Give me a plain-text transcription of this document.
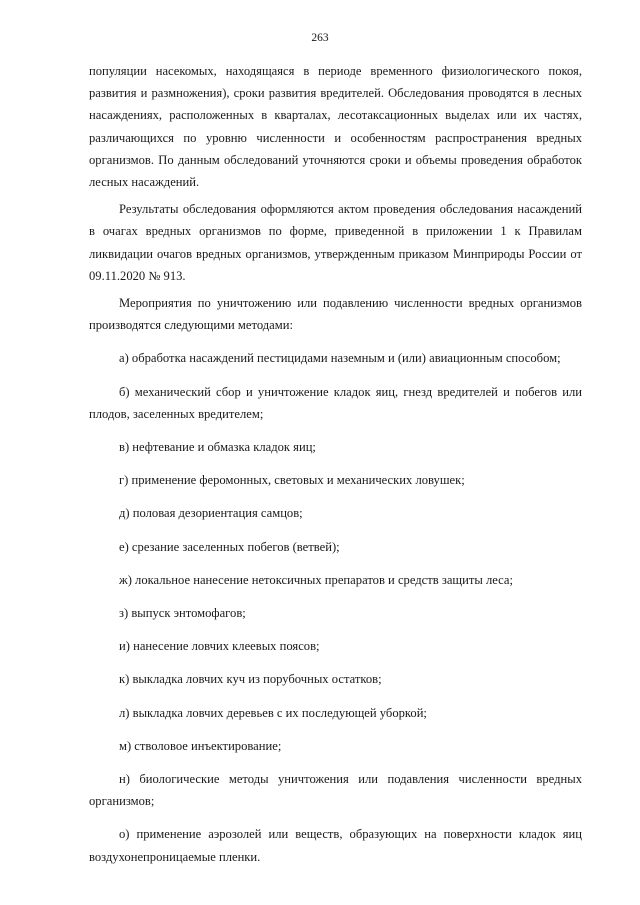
263

популяции насекомых, находящаяся в периоде временного физиологического покоя, развития и размножения), сроки развития вредителей. Обследования проводятся в лесных насаждениях, расположенных в кварталах, лесотаксационных выделах или их частях, различающихся по уровню численности и особенностям распространения вредных организмов. По данным обследований уточняются сроки и объемы проведения обработок лесных насаждений.

Результаты обследования оформляются актом проведения обследования насаждений в очагах вредных организмов по форме, приведенной в приложении 1 к Правилам ликвидации очагов вредных организмов, утвержденным приказом Минприроды России от 09.11.2020 № 913.

Мероприятия по уничтожению или подавлению численности вредных организмов производятся следующими методами:

а) обработка насаждений пестицидами наземным и (или) авиационным способом;

б) механический сбор и уничтожение кладок яиц, гнезд вредителей и побегов или плодов, заселенных вредителем;

в) нефтевание и обмазка кладок яиц;

г) применение феромонных, световых и механических ловушек;

д) половая дезориентация самцов;

е) срезание заселенных побегов (ветвей);

ж) локальное нанесение нетоксичных препаратов и средств защиты леса;

з) выпуск энтомофагов;

и) нанесение ловчих клеевых поясов;

к) выкладка ловчих куч из порубочных остатков;

л) выкладка ловчих деревьев с их последующей уборкой;

м) стволовое инъектирование;

н) биологические методы уничтожения или подавления численности вредных организмов;

о) применение аэрозолей или веществ, образующих на поверхности кладок яиц воздухонепроницаемые пленки.
